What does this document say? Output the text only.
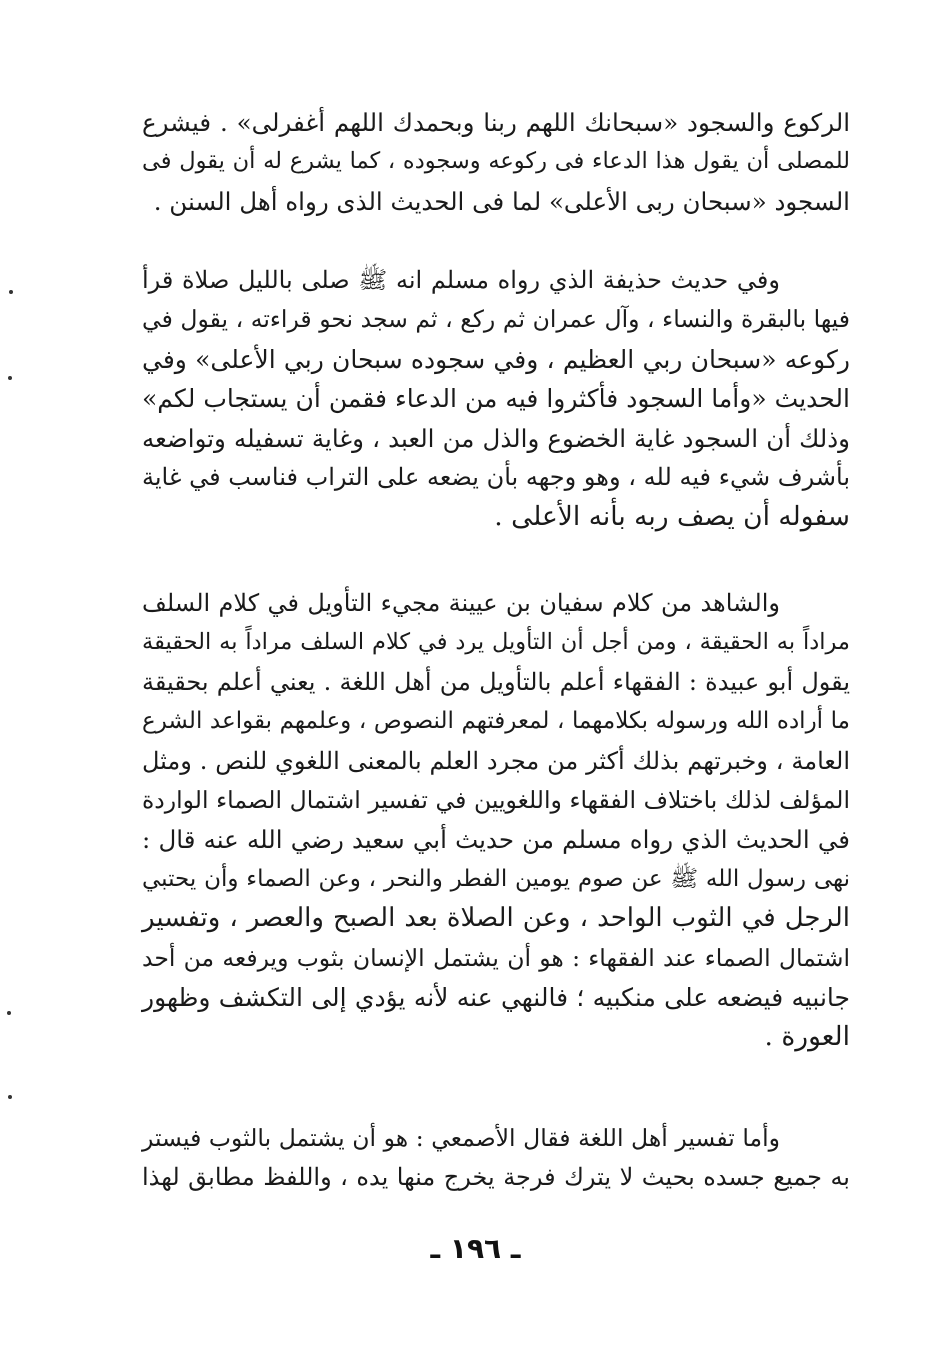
الركوع والسجود «سبحانك اللهم ربنا وبحمدك اللهم أغفرلى» . فيشرع
للمصلى أن يقول هذا الدعاء فى ركوعه وسجوده ، كما يشرع له أن يقول فى
السجود «سبحان ربى الأعلى» لما فى الحديث الذى رواه أهل السنن .
وفي حديث حذيفة الذي رواه مسلم انه ﷺ صلى بالليل صلاة قرأ
فيها بالبقرة والنساء ، وآل عمران ثم ركع ، ثم سجد نحو قراءته ، يقول في
ركوعه «سبحان ربي العظيم ، وفي سجوده سبحان ربي الأعلى» وفي
الحديث «وأما السجود فأكثروا فيه من الدعاء فقمن أن يستجاب لكم»
وذلك أن السجود غاية الخضوع والذل من العبد ، وغاية تسفيله وتواضعه
بأشرف شيء فيه لله ، وهو وجهه بأن يضعه على التراب فناسب في غاية
سفوله أن يصف ربه بأنه الأعلى .
والشاهد من كلام سفيان بن عيينة مجيء التأويل في كلام السلف
مراداً به الحقيقة ، ومن أجل أن التأويل يرد في كلام السلف مراداً به الحقيقة
يقول أبو عبيدة : الفقهاء أعلم بالتأويل من أهل اللغة . يعني أعلم بحقيقة
ما أراده الله ورسوله بكلامهما ، لمعرفتهم النصوص ، وعلمهم بقواعد الشرع
العامة ، وخبرتهم بذلك أكثر من مجرد العلم بالمعنى اللغوي للنص . ومثل
المؤلف لذلك باختلاف الفقهاء واللغويين في تفسير اشتمال الصماء الواردة
في الحديث الذي رواه مسلم من حديث أبي سعيد رضي الله عنه قال :
نهى رسول الله ﷺ عن صوم يومين الفطر والنحر ، وعن الصماء وأن يحتبي
الرجل في الثوب الواحد ، وعن الصلاة بعد الصبح والعصر ، وتفسير
اشتمال الصماء عند الفقهاء : هو أن يشتمل الإنسان بثوب ويرفعه من أحد
جانبيه فيضعه على منكبيه ؛ فالنهي عنه لأنه يؤدي إلى التكشف وظهور
العورة .
وأما تفسير أهل اللغة فقال الأصمعي : هو أن يشتمل بالثوب فيستر
به جميع جسده بحيث لا يترك فرجة يخرج منها يده ، واللفظ مطابق لهذا
ـ ١٩٦ ـ
